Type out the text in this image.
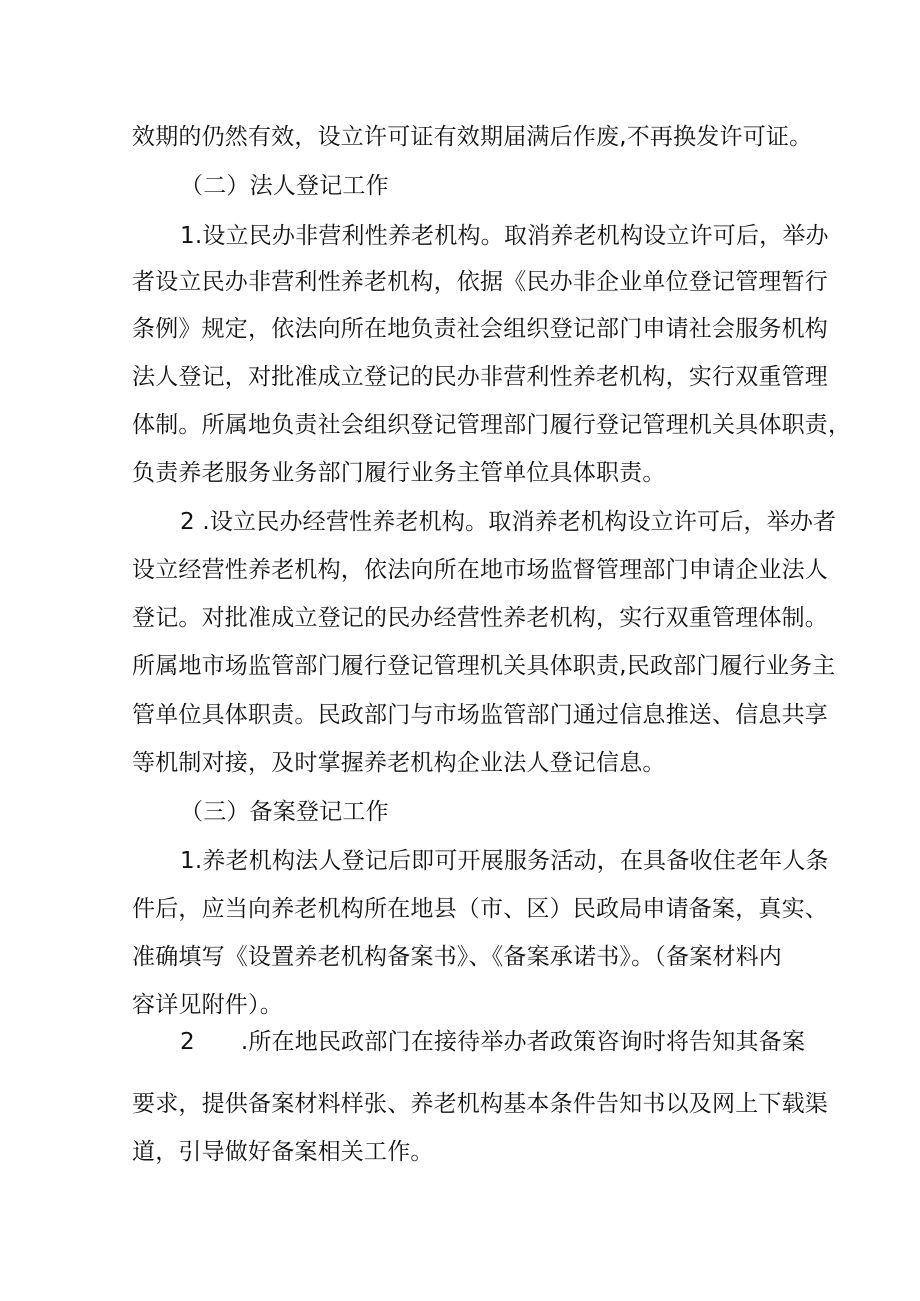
效期的仍然有效，设立许可证有效期届满后作废,不再换发许可证。
（二）法人登记工作
1.设立民办非营利性养老机构。取消养老机构设立许可后，举办
者设立民办非营利性养老机构，依据《民办非企业单位登记管理暂行
条例》规定，依法向所在地负责社会组织登记部门申请社会服务机构
法人登记，对批准成立登记的民办非营利性养老机构，实行双重管理
体制。所属地负责社会组织登记管理部门履行登记管理机关具体职责，
负责养老服务业务部门履行业务主管单位具体职责。
2 .设立民办经营性养老机构。取消养老机构设立许可后，举办者
设立经营性养老机构，依法向所在地市场监督管理部门申请企业法人
登记。对批准成立登记的民办经营性养老机构，实行双重管理体制。
所属地市场监管部门履行登记管理机关具体职责,民政部门履行业务主
管单位具体职责。民政部门与市场监管部门通过信息推送、信息共享
等机制对接，及时掌握养老机构企业法人登记信息。
（三）备案登记工作
1.养老机构法人登记后即可开展服务活动，在具备收住老年人条
件后，应当向养老机构所在地县（市、区）民政局申请备案，真实、
准确填写《设置养老机构备案书》、《备案承诺书》。（备案材料内
容详见附件）。
2 .所在地民政部门在接待举办者政策咨询时将告知其备案
要求，提供备案材料样张、养老机构基本条件告知书以及网上下载渠
道，引导做好备案相关工作。
